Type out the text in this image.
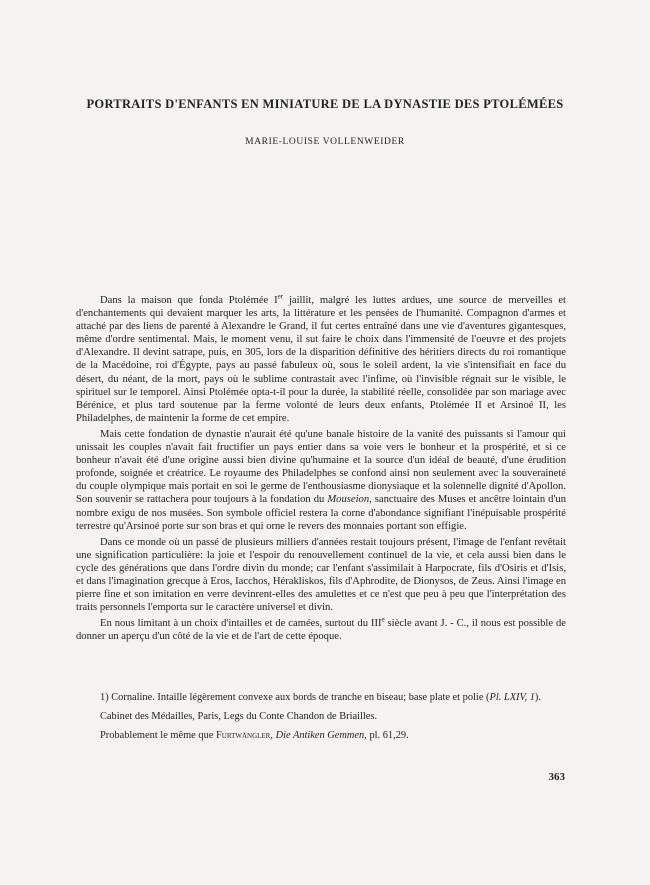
PORTRAITS D'ENFANTS EN MINIATURE DE LA DYNASTIE DES PTOLÉMÉES
MARIE-LOUISE VOLLENWEIDER

Dans la maison que fonda Ptolémée Ier jaillit, malgré les luttes ardues, une source de merveilles et d'enchantements qui devaient marquer les arts, la littérature et les pensées de l'humanité. Compagnon d'armes et attaché par des liens de parenté à Alexandre le Grand, il fut certes entraîné dans une vie d'aventures gigantesques, même d'ordre sentimental. Mais, le moment venu, il sut faire le choix dans l'immensité de l'oeuvre et des projets d'Alexandre. Il devint satrape, puis, en 305, lors de la disparition définitive des héritiers directs du roi romantique de la Macédoine, roi d'Égypte, pays au passé fabuleux où, sous le soleil ardent, la vie s'intensifiait en face du désert, du néant, de la mort, pays où le sublime contrastait avec l'infime, où l'invisible régnait sur le visible, le spirituel sur le temporel. Ainsi Ptolémée opta-t-il pour la durée, la stabilité réelle, consolidée par son mariage avec Bérénice, et plus tard soutenue par la ferme volonté de leurs deux enfants, Ptolémée II et Arsinoé II, les Philadelphes, de maintenir la forme de cet empire.

Mais cette fondation de dynastie n'aurait été qu'une banale histoire de la vanité des puissants si l'amour qui unissait les couples n'avait fait fructifier un pays entier dans sa voie vers le bonheur et la prospérité, et si ce bonheur n'avait été d'une origine aussi bien divine qu'humaine et la source d'un idéal de beauté, d'une érudition profonde, soignée et créatrice. Le royaume des Philadelphes se confond ainsi non seulement avec la souveraineté du couple olympique mais portait en soi le germe de l'enthousiasme dionysiaque et la solennelle dignité d'Apollon. Son souvenir se rattachera pour toujours à la fondation du Mouseion, sanctuaire des Muses et ancêtre lointain d'un nombre exigu de nos musées. Son symbole officiel restera la corne d'abondance signifiant l'inépuisable prospérité terrestre qu'Arsinoé porte sur son bras et qui orne le revers des monnaies portant son effigie.

Dans ce monde où un passé de plusieurs milliers d'années restait toujours présent, l'image de l'enfant revêtait une signification particulière: la joie et l'espoir du renouvellement continuel de la vie, et cela aussi bien dans le cycle des générations que dans l'ordre divin du monde; car l'enfant s'assimilait à Harpocrate, fils d'Osiris et d'Isis, et dans l'imagination grecque à Eros, Iacchos, Hérakliskos, fils d'Aphrodite, de Dionysos, de Zeus. Ainsi l'image en pierre fine et son imitation en verre devinrent-elles des amulettes et ce n'est que peu à peu que l'interprétation des traits personnels l'emporta sur le caractère universel et divin.

En nous limitant à un choix d'intailles et de camées, surtout du IIIe siècle avant J. - C., il nous est possible de donner un aperçu d'un côté de la vie et de l'art de cette époque.

1) Cornaline. Intaille légèrement convexe aux bords de tranche en biseau; base plate et polie (Pl. LXIV, 1).

Cabinet des Médailles, Paris, Legs du Conte Chandon de Briailles.

Probablement le même que Furtwängler, Die Antiken Gemmen, pl. 61,29.

363
